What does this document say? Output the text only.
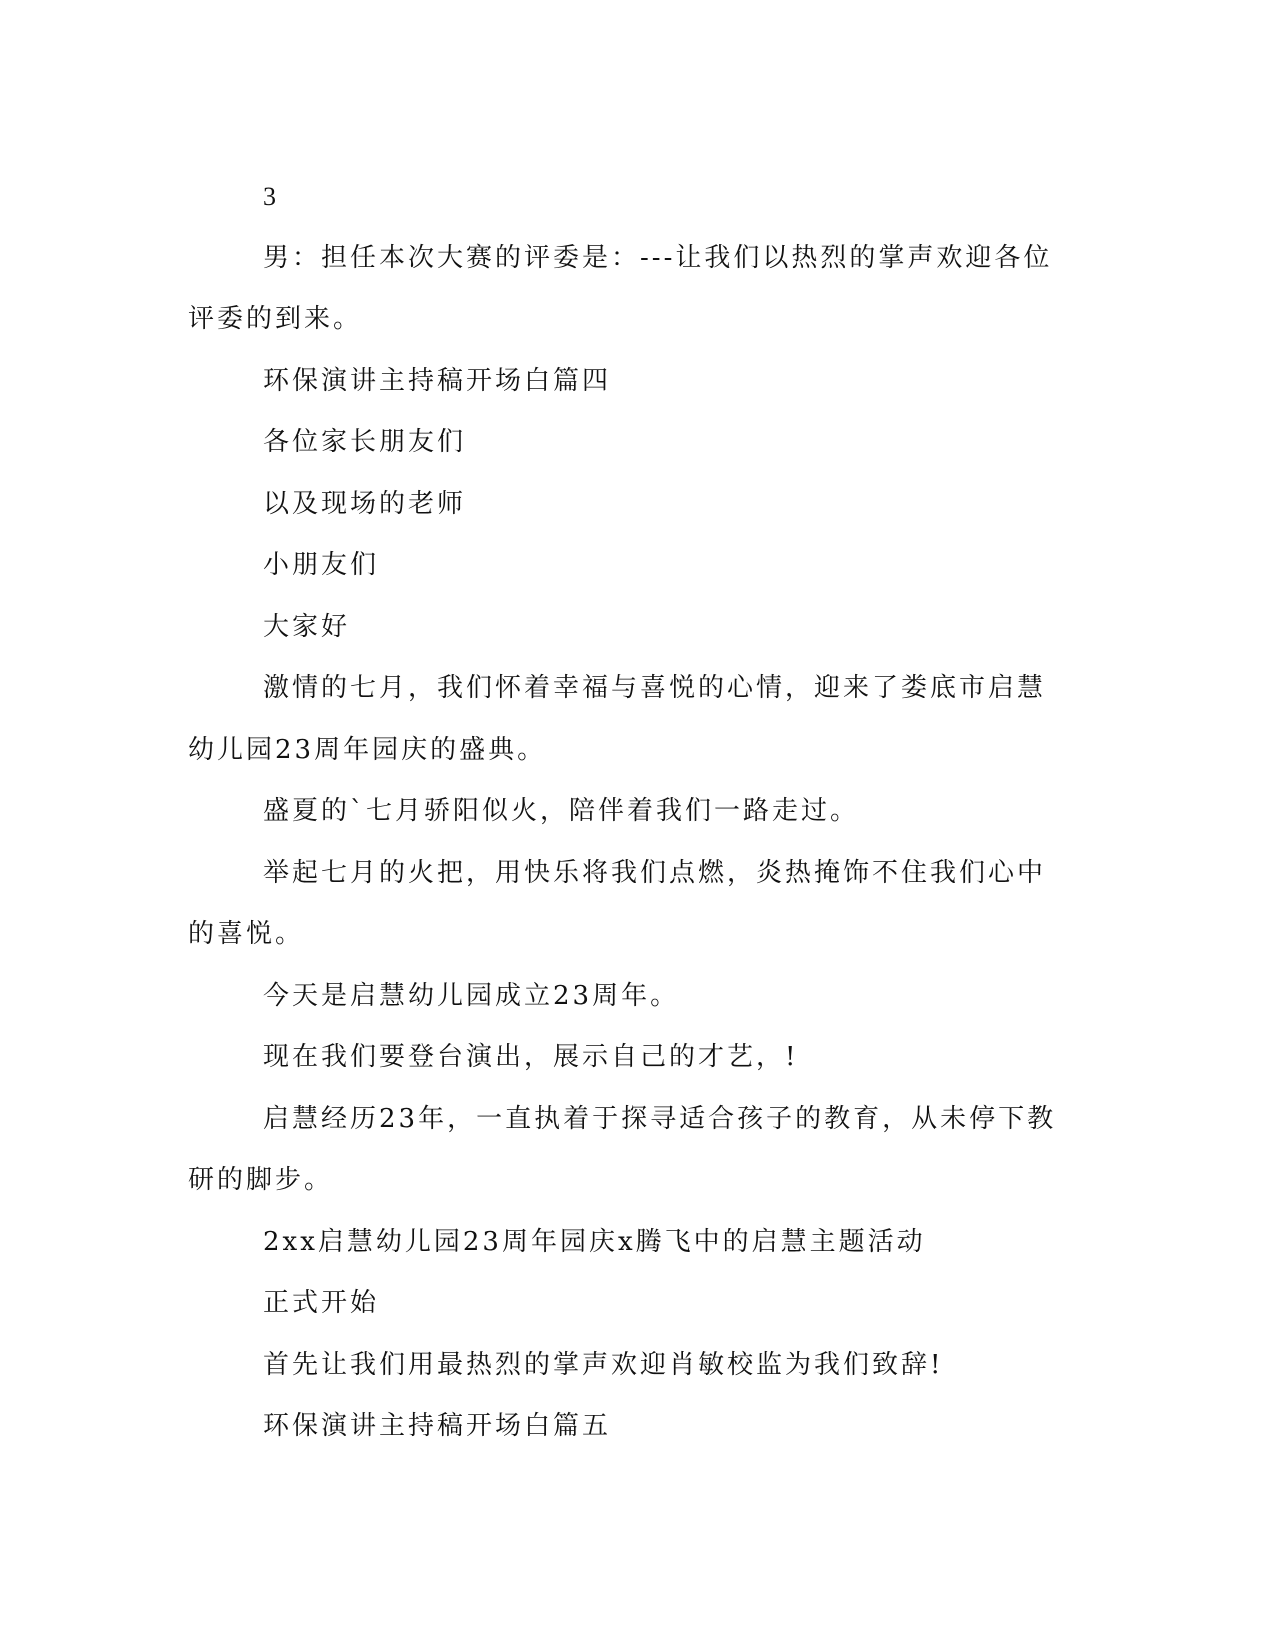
3

男：担任本次大赛的评委是：---让我们以热烈的掌声欢迎各位评委的到来。

环保演讲主持稿开场白篇四

各位家长朋友们

以及现场的老师

小朋友们

大家好

激情的七月，我们怀着幸福与喜悦的心情，迎来了娄底市启慧幼儿园23周年园庆的盛典。

盛夏的`七月骄阳似火，陪伴着我们一路走过。

举起七月的火把，用快乐将我们点燃，炎热掩饰不住我们心中的喜悦。

今天是启慧幼儿园成立23周年。

现在我们要登台演出，展示自己的才艺，!

启慧经历23年，一直执着于探寻适合孩子的教育，从未停下教研的脚步。

2xx启慧幼儿园23周年园庆x腾飞中的启慧主题活动

正式开始

首先让我们用最热烈的掌声欢迎肖敏校监为我们致辞!

环保演讲主持稿开场白篇五
